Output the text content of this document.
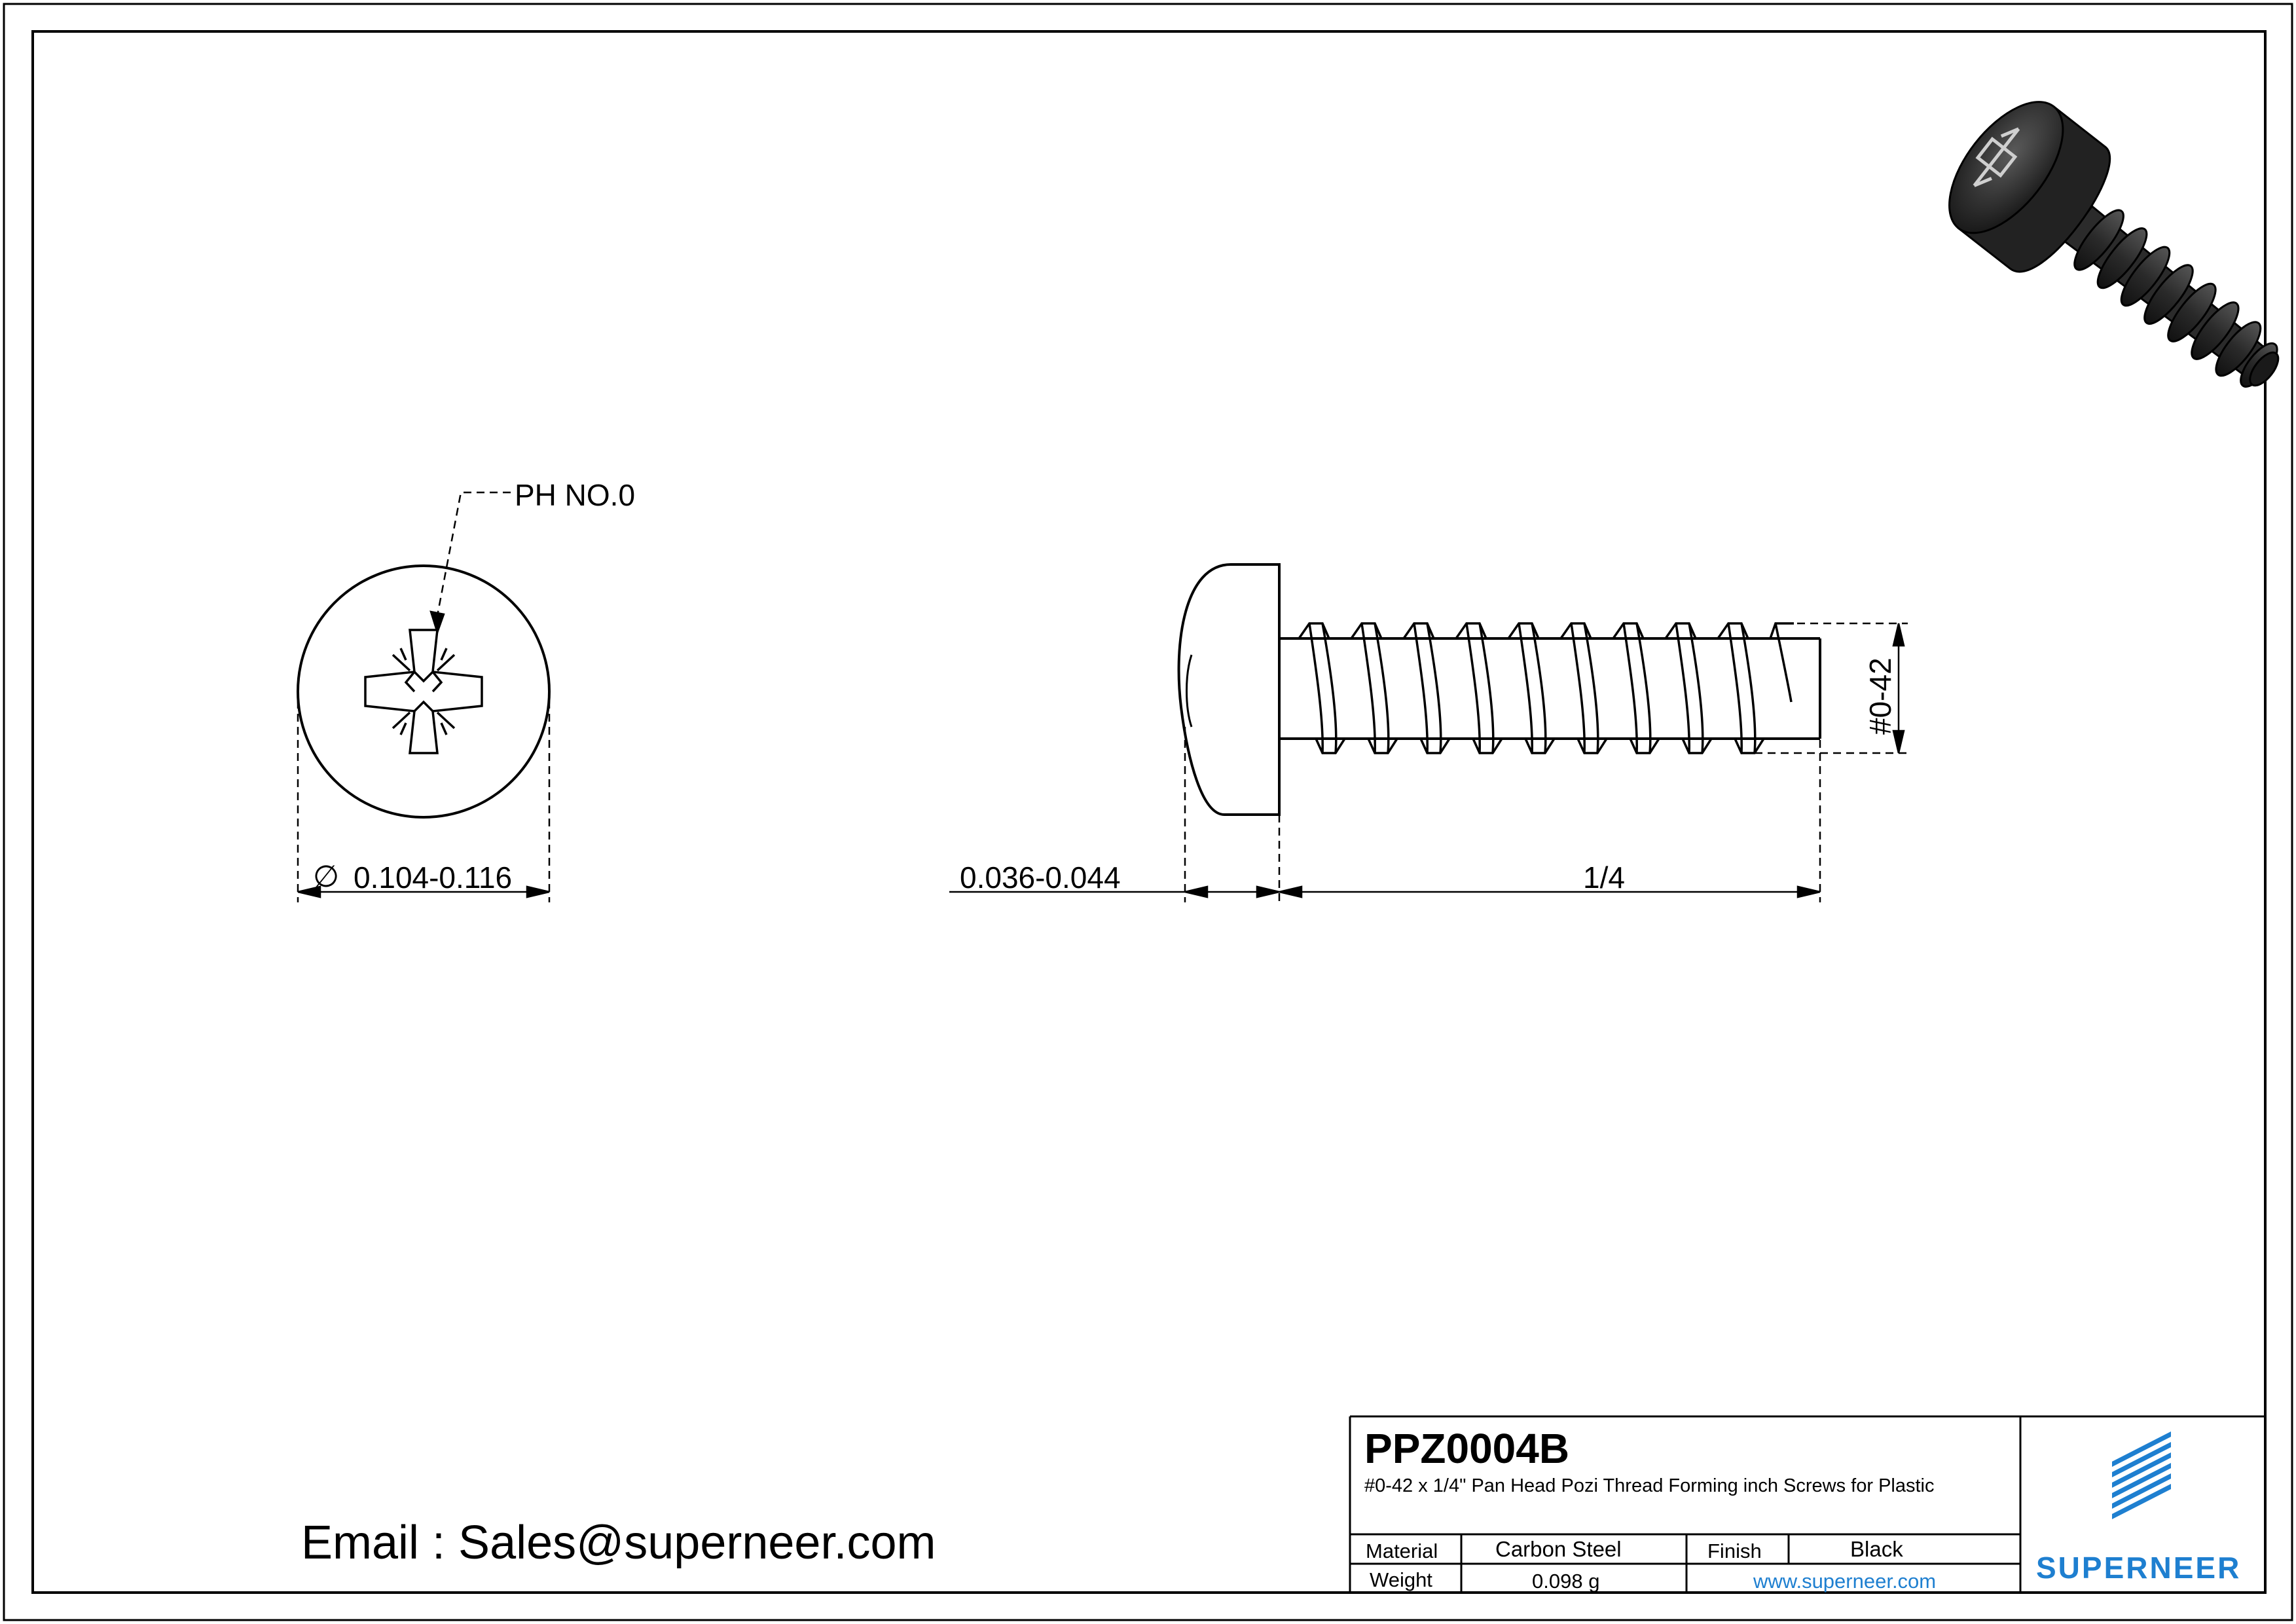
PH NO.0
∅ 0.104-0.116
#0-42
0.036-0.044	1/4
PPZ0004B
#0-42 x 1/4" Pan Head Pozi Thread Forming inch Screws for Plastic
Material	Carbon Steel	Finish	Black
Weight	0.098 g	www.superneer.com	SUPERNEER
Email : Sales@superneer.com
